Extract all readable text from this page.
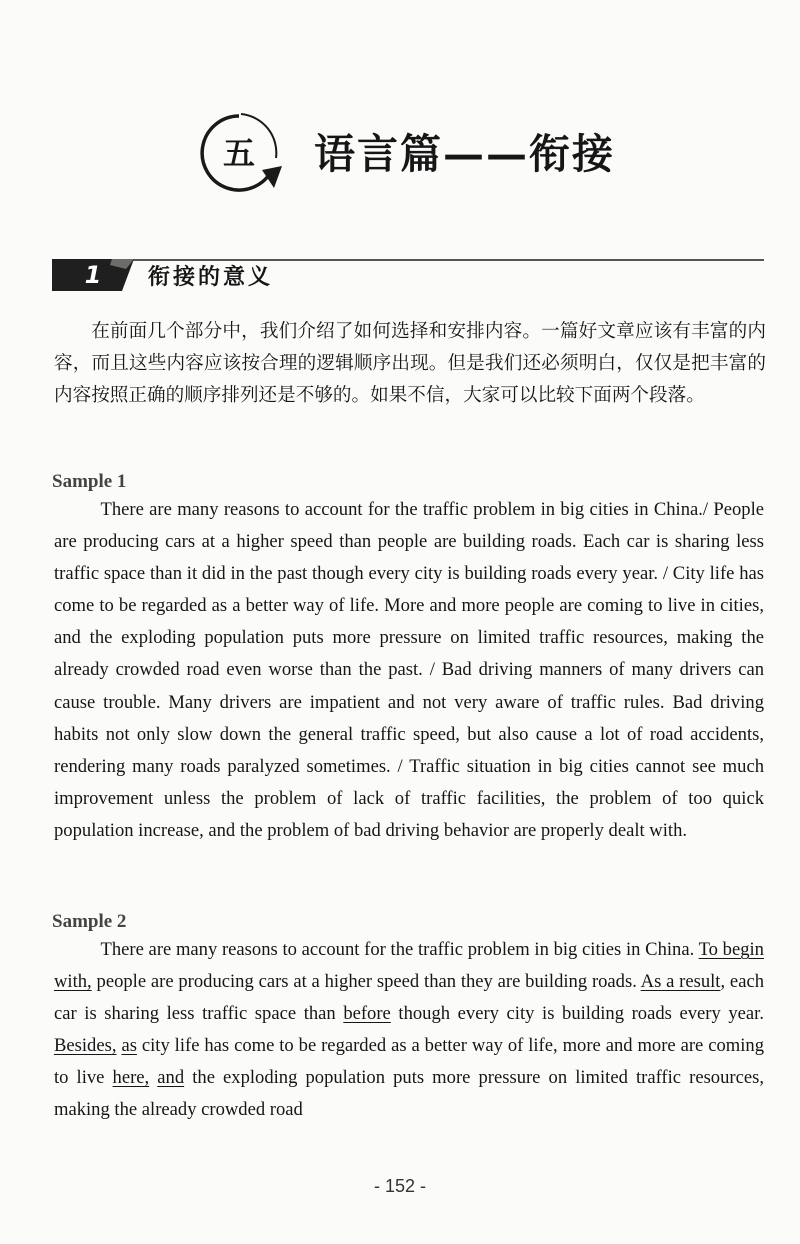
五	语言篇——衔接
1	衔接的意义

在前面几个部分中，我们介绍了如何选择和安排内容。一篇好文章应该有丰富的内容，而且这些内容应该按合理的逻辑顺序出现。但是我们还必须明白，仅仅是把丰富的内容按照正确的顺序排列还是不够的。如果不信，大家可以比较下面两个段落。

Sample 1

There are many reasons to account for the traffic problem in big cities in China./ People are producing cars at a higher speed than people are building roads. Each car is sharing less traffic space than it did in the past though every city is building roads every year. / City life has come to be regarded as a better way of life. More and more people are coming to live in cities, and the exploding population puts more pressure on limited traffic resources, making the already crowded road even worse than the past. / Bad driving manners of many drivers can cause trouble. Many drivers are impatient and not very aware of traffic rules. Bad driving habits not only slow down the general traffic speed, but also cause a lot of road accidents, rendering many roads paralyzed sometimes. / Traffic situation in big cities cannot see much improvement unless the problem of lack of traffic facilities, the problem of too quick population increase, and the problem of bad driving behavior are properly dealt with.

Sample 2

There are many reasons to account for the traffic problem in big cities in China. To begin with, people are producing cars at a higher speed than they are building roads. As a result, each car is sharing less traffic space than before though every city is building roads every year. Besides, as city life has come to be regarded as a better way of life, more and more are coming to live here, and the exploding population puts more pressure on limited traffic resources, making the already crowded road

- 152 -
